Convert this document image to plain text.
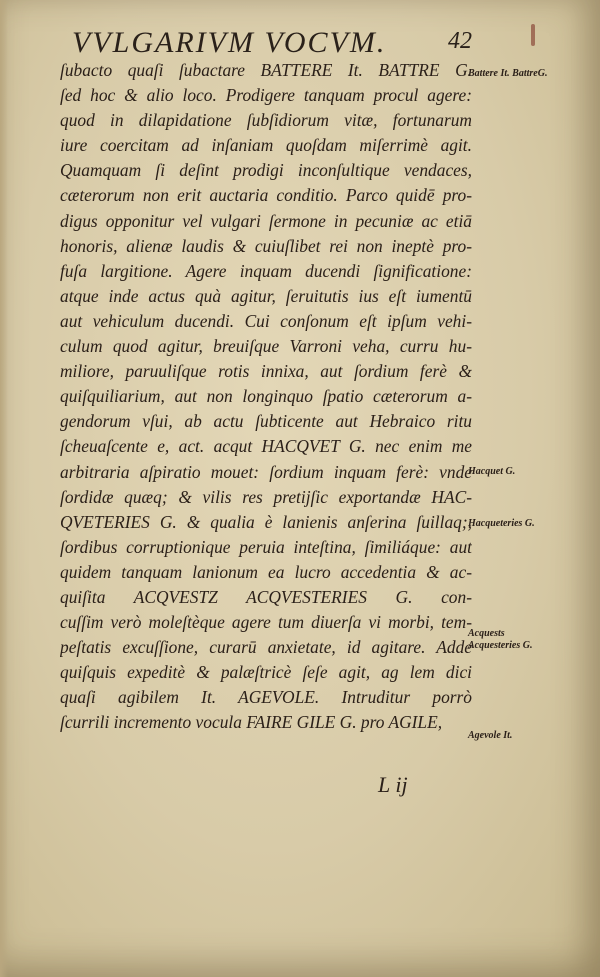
VVLGARIVM VOCVM.	42
ſubacto quaſi ſubactare BATTERE It. BATTRE G.
ſed hoc & alio loco. Prodigere tanquam procul agere:
quod in dilapidatione ſubſidiorum vitæ, fortunarum
iure coercitam ad inſaniam quoſdam miſerrimè agit.
Quamquam ſi deſint prodigi inconſultique vendaces,
cæterorum non erit auctaria conditio. Parco quidē pro-
digus opponitur vel vulgari ſermone in pecuniæ ac etiā
honoris, alienæ laudis & cuiuſlibet rei non ineptè pro-
fuſa largitione. Agere inquam ducendi ſignificatione:
atque inde actus quà agitur, ſeruitutis ius eſt iumentū
aut vehiculum ducendi. Cui conſonum eſt ipſum vehi-
culum quod agitur, breuiſque Varroni veha, curru hu-
miliore, paruuliſque rotis innixa, aut ſordium ferè &
quiſquiliarium, aut non longinquo ſpatio cæterorum a-
gendorum vſui, ab actu ſubticente aut Hebraico ritu
ſcheuaſcente e, act. acqut HACQVET G. nec enim me
arbitraria aſpiratio mouet: ſordium inquam ferè: vnde
ſordidæ quæq; & vilis res pretijſic exportandæ HAC-
QVETERIES G. & qualia è lanienis anſerina ſuillaq;,
ſordibus corruptionique peruia inteſtina, ſimiliáque: aut
quidem tanquam lanionum ea lucro accedentia & ac-
quiſita ACQVESTZ ACQVESTERIES G. con-
cuſſim verò moleſtèque agere tum diuerſa vi morbi, tem-
peſtatis excuſſione, curarū anxietate, id agitare. Adde
quiſquis expeditè & palæſtricè ſeſe agit, ag lem dici
quaſi agibilem It. AGEVOLE. Intruditur porrò
ſcurrili incremento vocula FAIRE GILE G. pro AGILE,
Battere It. BattreG.
Hacquet G.
Hacqueteries G.
Acquests Acquesteries G.
Agevole It.
L ij
